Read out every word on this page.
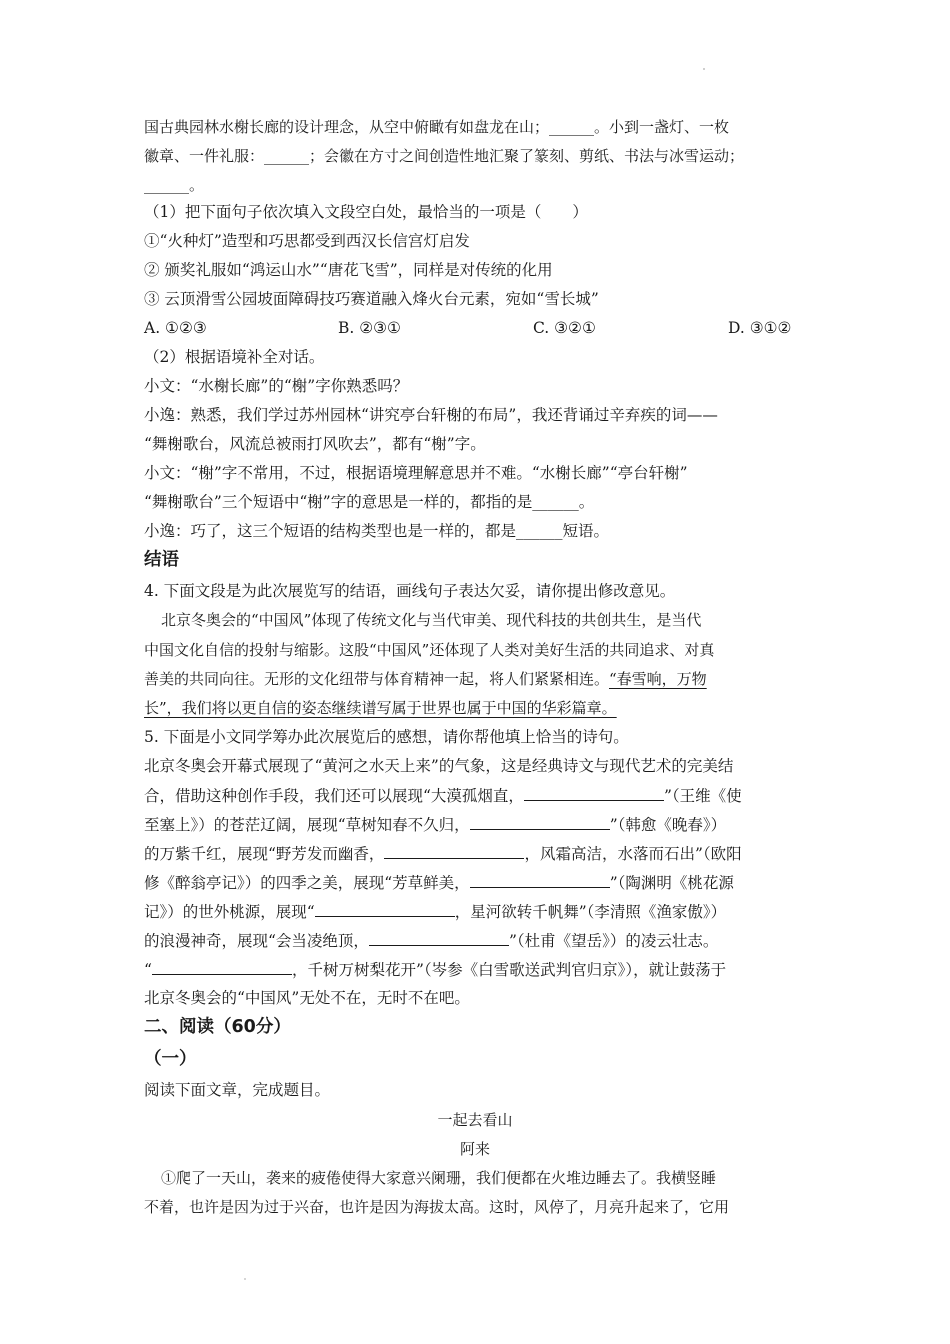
国古典园林水榭长廊的设计理念，从空中俯瞰有如盘龙在山；______。小到一盏灯、一枚
徽章、一件礼服：______；会徽在方寸之间创造性地汇聚了篆刻、剪纸、书法与冰雪运动；
______。
（1）把下面句子依次填入文段空白处，最恰当的一项是（　　）
①“火种灯”造型和巧思都受到西汉长信宫灯启发
② 颁奖礼服如“鸿运山水”“唐花飞雪”，同样是对传统的化用
③ 云顶滑雪公园坡面障碍技巧赛道融入烽火台元素，宛如“雪长城”
A. ①②③	B. ②③①	C. ③②①	D. ③①②
（2）根据语境补全对话。
小文：“水榭长廊”的“榭”字你熟悉吗？
小逸：熟悉，我们学过苏州园林“讲究亭台轩榭的布局”，我还背诵过辛弃疾的词——
“舞榭歌台，风流总被雨打风吹去”，都有“榭”字。
小文：“榭”字不常用，不过，根据语境理解意思并不难。“水榭长廊”“亭台轩榭”
“舞榭歌台”三个短语中“榭”字的意思是一样的，都指的是______。
小逸：巧了，这三个短语的结构类型也是一样的，都是______短语。
结语
4. 下面文段是为此次展览写的结语，画线句子表达欠妥，请你提出修改意见。
北京冬奥会的“中国风”体现了传统文化与当代审美、现代科技的共创共生，是当代
中国文化自信的投射与缩影。这股“中国风”还体现了人类对美好生活的共同追求、对真
善美的共同向往。无形的文化纽带与体育精神一起，将人们紧紧相连。“春雪响，万物
长”，我们将以更自信的姿态继续谱写属于世界也属于中国的华彩篇章。
5. 下面是小文同学筹办此次展览后的感想，请你帮他填上恰当的诗句。
北京冬奥会开幕式展现了“黄河之水天上来”的气象，这是经典诗文与现代艺术的完美结
合，借助这种创作手段，我们还可以展现“大漠孤烟直，	”（王维《使
至塞上》）的苍茫辽阔，展现“草树知春不久归，	”（韩愈《晚春》）
的万紫千红，展现“野芳发而幽香，	，风霜高洁，水落而石出”（欧阳
修《醉翁亭记》）的四季之美，展现“芳草鲜美，	”（陶渊明《桃花源
记》）的世外桃源，展现“	，星河欲转千帆舞”（李清照《渔家傲》）
的浪漫神奇，展现“会当凌绝顶，	”（杜甫《望岳》）的凌云壮志。
“	，千树万树梨花开”（岑参《白雪歌送武判官归京》），就让鼓荡于
北京冬奥会的“中国风”无处不在，无时不在吧。
二、阅读（60分）
（一）
阅读下面文章，完成题目。
一起去看山
阿来
①爬了一天山，袭来的疲倦使得大家意兴阑珊，我们便都在火堆边睡去了。我横竖睡
不着，也许是因为过于兴奋，也许是因为海拔太高。这时，风停了，月亮升起来了，它用
